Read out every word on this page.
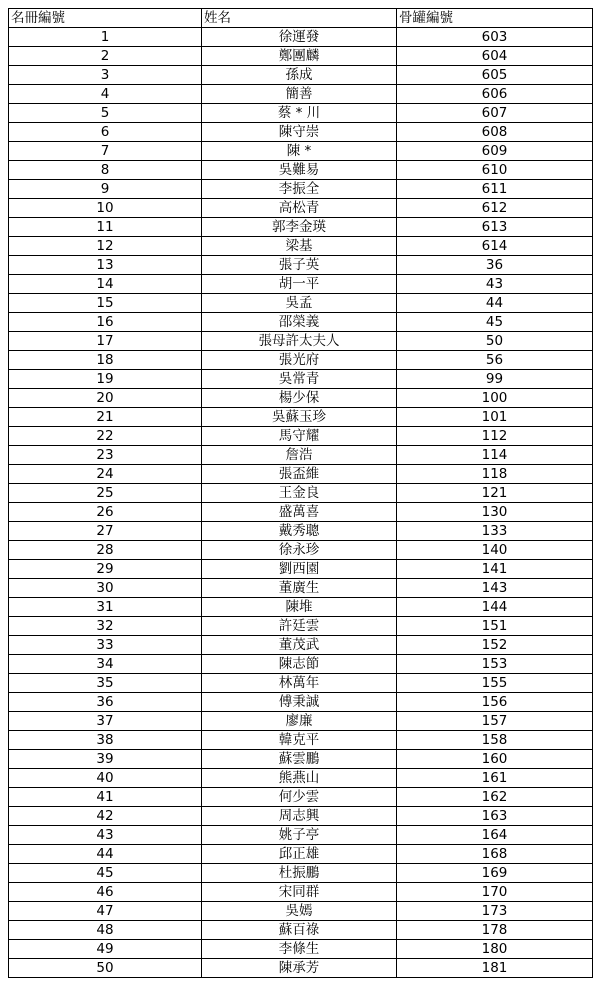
名冊編號	姓名	骨罐編號
1	徐運發	603
2	鄭團麟	604
3	孫成	605
4	簡善	606
5	蔡 * 川	607
6	陳守崇	608
7	陳 *	609
8	吳難易	610
9	李振全	611
10	高松青	612
11	郭李金瑛	613
12	梁基	614
13	張子英	36
14	胡一平	43
15	吳孟	44
16	邵榮義	45
17	張母許太夫人	50
18	張光府	56
19	吳常青	99
20	楊少保	100
21	吳蘇玉珍	101
22	馬守耀	112
23	詹浩	114
24	張盃維	118
25	王金良	121
26	盛萬喜	130
27	戴秀聰	133
28	徐永珍	140
29	劉西園	141
30	董廣生	143
31	陳堆	144
32	許廷雲	151
33	董茂武	152
34	陳志節	153
35	林萬年	155
36	傅秉誠	156
37	廖廉	157
38	韓克平	158
39	蘇雲鵬	160
40	熊燕山	161
41	何少雲	162
42	周志興	163
43	姚子亭	164
44	邱正雄	168
45	杜振鵬	169
46	宋同群	170
47	吳嫣	173
48	蘇百祿	178
49	李條生	180
50	陳承芳	181
